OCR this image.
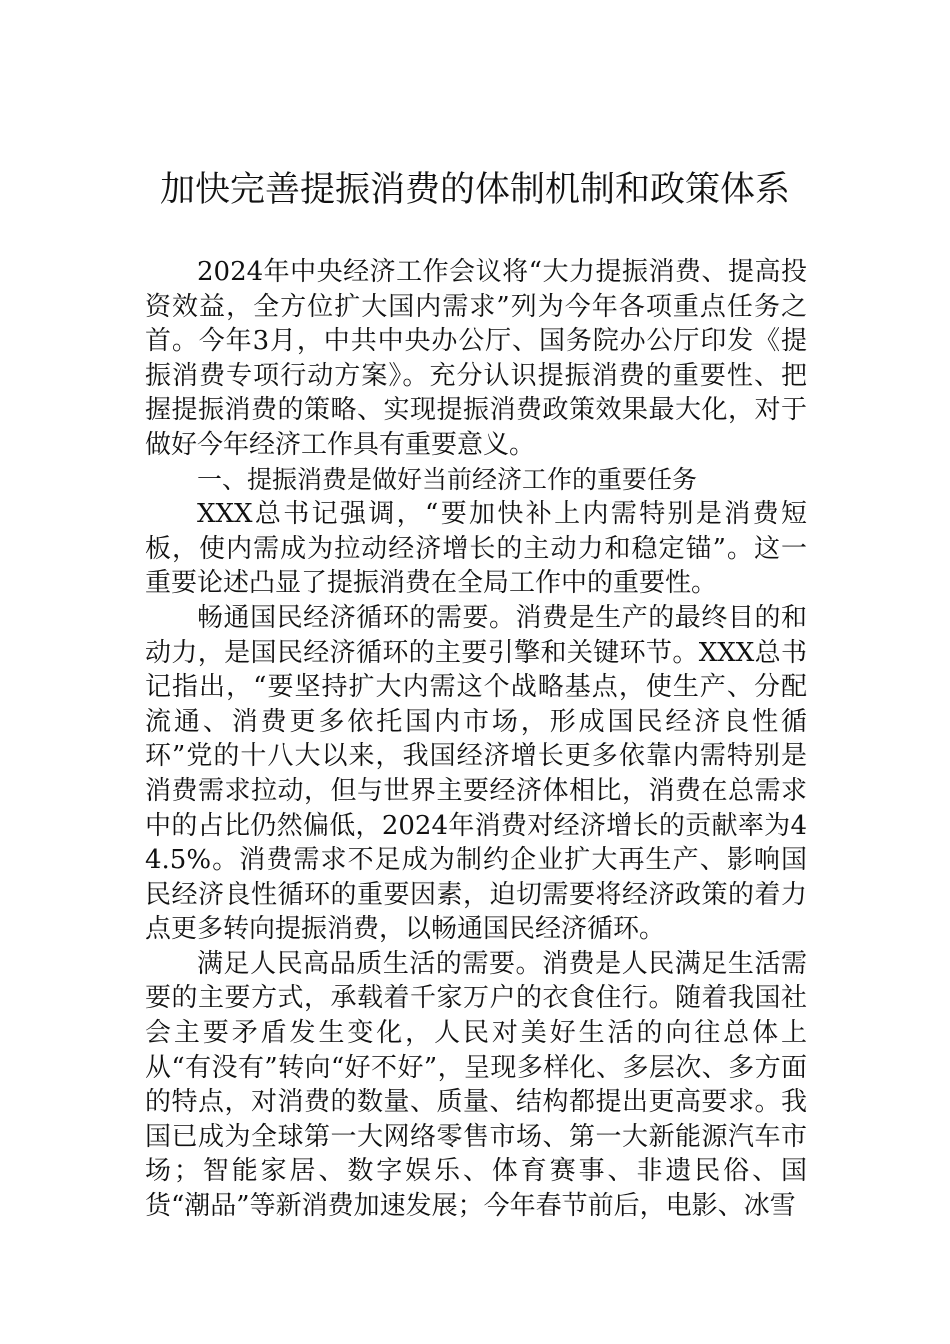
加快完善提振消费的体制机制和政策体系

2024年中央经济工作会议将“大力提振消费、提高投资效益，全方位扩大国内需求”列为今年各项重点任务之首。今年3月，中共中央办公厅、国务院办公厅印发《提振消费专项行动方案》。充分认识提振消费的重要性、把握提振消费的策略、实现提振消费政策效果最大化，对于做好今年经济工作具有重要意义。

一、提振消费是做好当前经济工作的重要任务

XXX总书记强调，“要加快补上内需特别是消费短板，使内需成为拉动经济增长的主动力和稳定锚”。这一重要论述凸显了提振消费在全局工作中的重要性。

畅通国民经济循环的需要。消费是生产的最终目的和动力，是国民经济循环的主要引擎和关键环节。XXX总书记指出，“要坚持扩大内需这个战略基点，使生产、分配流通、消费更多依托国内市场，形成国民经济良性循环”党的十八大以来，我国经济增长更多依靠内需特别是消费需求拉动，但与世界主要经济体相比，消费在总需求中的占比仍然偏低，2024年消费对经济增长的贡献率为44.5%。消费需求不足成为制约企业扩大再生产、影响国民经济良性循环的重要因素，迫切需要将经济政策的着力点更多转向提振消费，以畅通国民经济循环。

满足人民高品质生活的需要。消费是人民满足生活需要的主要方式，承载着千家万户的衣食住行。随着我国社会主要矛盾发生变化，人民对美好生活的向往总体上从“有没有”转向“好不好”，呈现多样化、多层次、多方面的特点，对消费的数量、质量、结构都提出更高要求。我国已成为全球第一大网络零售市场、第一大新能源汽车市场；智能家居、数字娱乐、体育赛事、非遗民俗、国货“潮品”等新消费加速发展；今年春节前后，电影、冰雪
